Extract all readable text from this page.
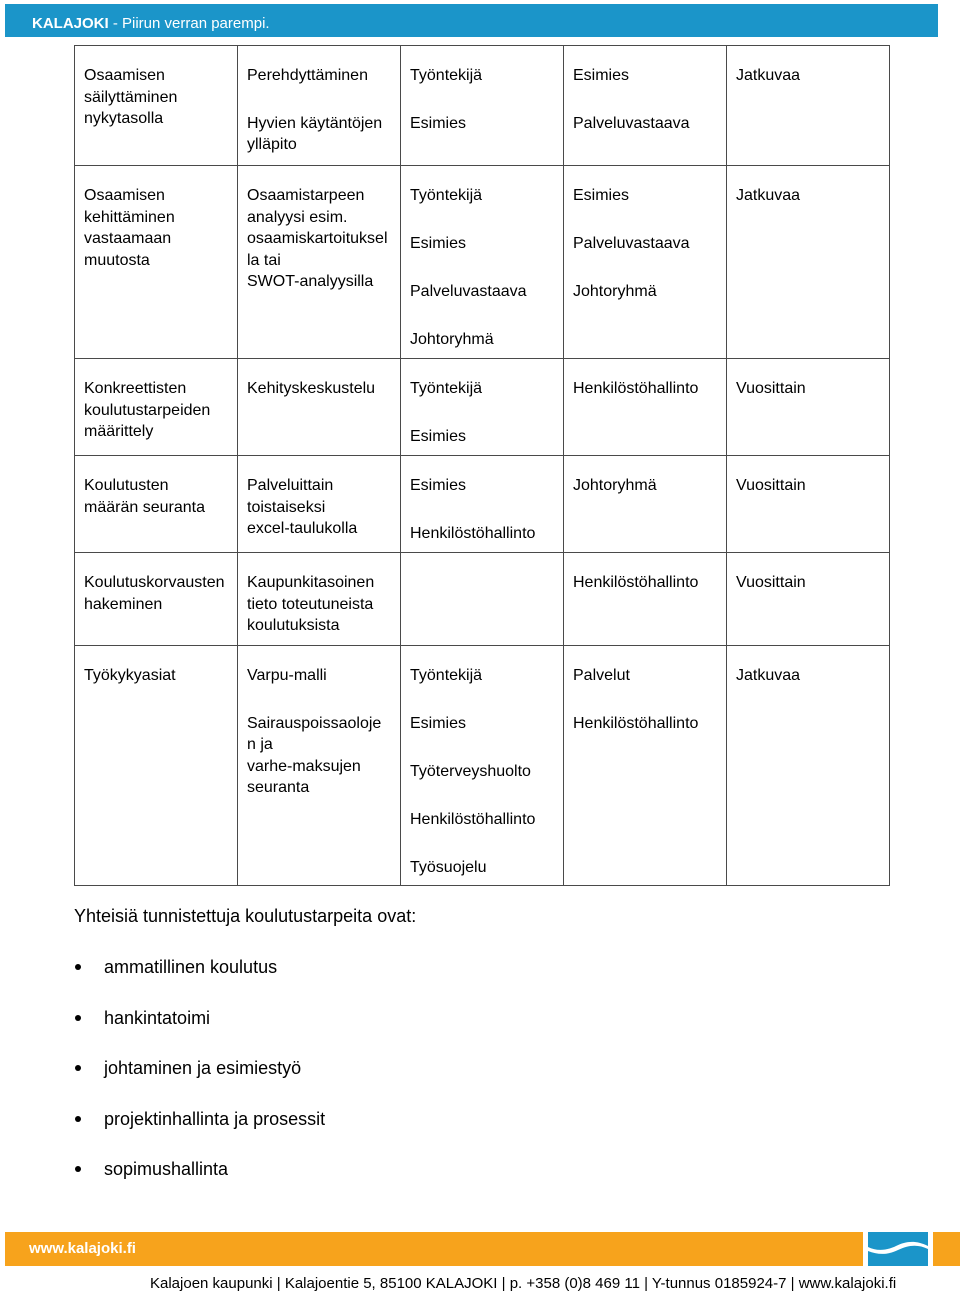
KALAJOKI - Piirun verran parempi.
Osaamisen
säilyttäminen
nykytasolla	Perehdyttäminen
Hyvien käytäntöjen
ylläpito	Työntekijä
Esimies	Esimies
Palveluvastaava	Jatkuvaa

Osaamisen
kehittäminen
vastaamaan
muutosta	Osaamistarpeen
analyysi esim.
osaamiskartoituksel
la tai
SWOT-analyysilla	Työntekijä
Esimies
Palveluvastaava
Johtoryhmä	Esimies
Palveluvastaava
Johtoryhmä	Jatkuvaa

Konkreettisten
koulutustarpeiden
määrittely	Kehityskeskustelu	Työntekijä
Esimies	Henkilöstöhallinto	Vuosittain

Koulutusten
määrän seuranta	Palveluittain
toistaiseksi
excel-taulukolla	Esimies
Henkilöstöhallinto	Johtoryhmä	Vuosittain

Koulutuskorvausten
hakeminen	Kaupunkitasoinen
tieto toteutuneista
koulutuksista		Henkilöstöhallinto	Vuosittain

Työkykyasiat	Varpu-malli
Sairauspoissaoloje
n ja
varhe-maksujen
seuranta	Työntekijä
Esimies
Työterveyshuolto
Henkilöstöhallinto
Työsuojelu	Palvelut
Henkilöstöhallinto	Jatkuvaa
Yhteisiä tunnistettuja koulutustarpeita ovat:
ammatillinen koulutus
hankintatoimi
johtaminen ja esimiestyö
projektinhallinta ja prosessit
sopimushallinta
www.kalajoki.fi
Kalajoen kaupunki | Kalajoentie 5, 85100 KALAJOKI | p. +358 (0)8 469 11 | Y-tunnus 0185924-7 | www.kalajoki.fi
